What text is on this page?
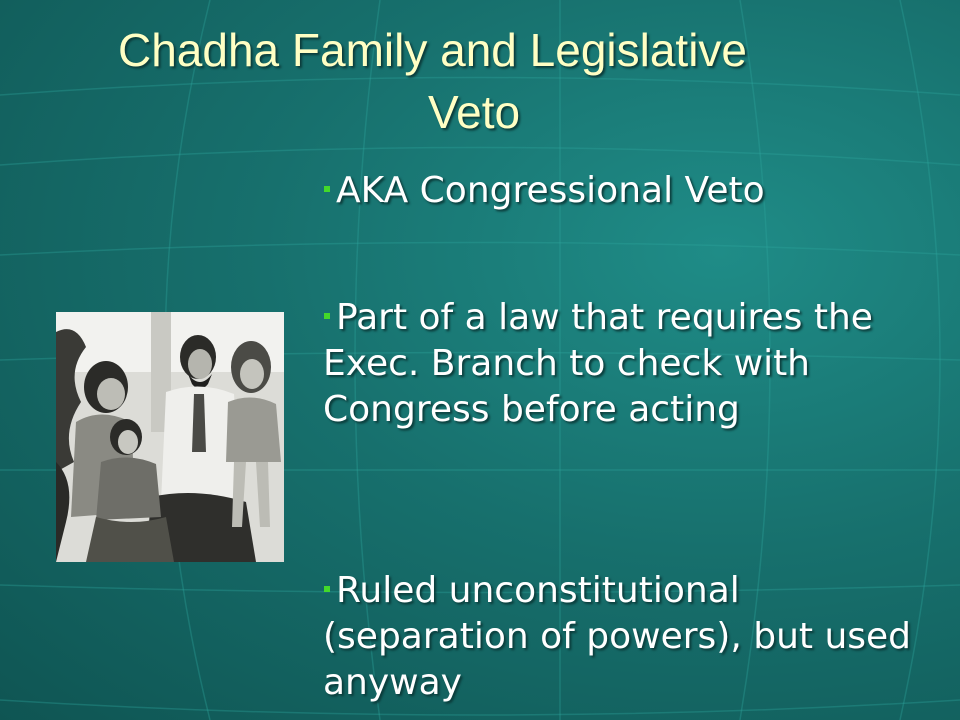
Chadha Family and Legislative
Veto
AKA Congressional Veto
Part of a law that requires the Exec. Branch to check with Congress before acting
Ruled unconstitutional (separation of powers), but used anyway
